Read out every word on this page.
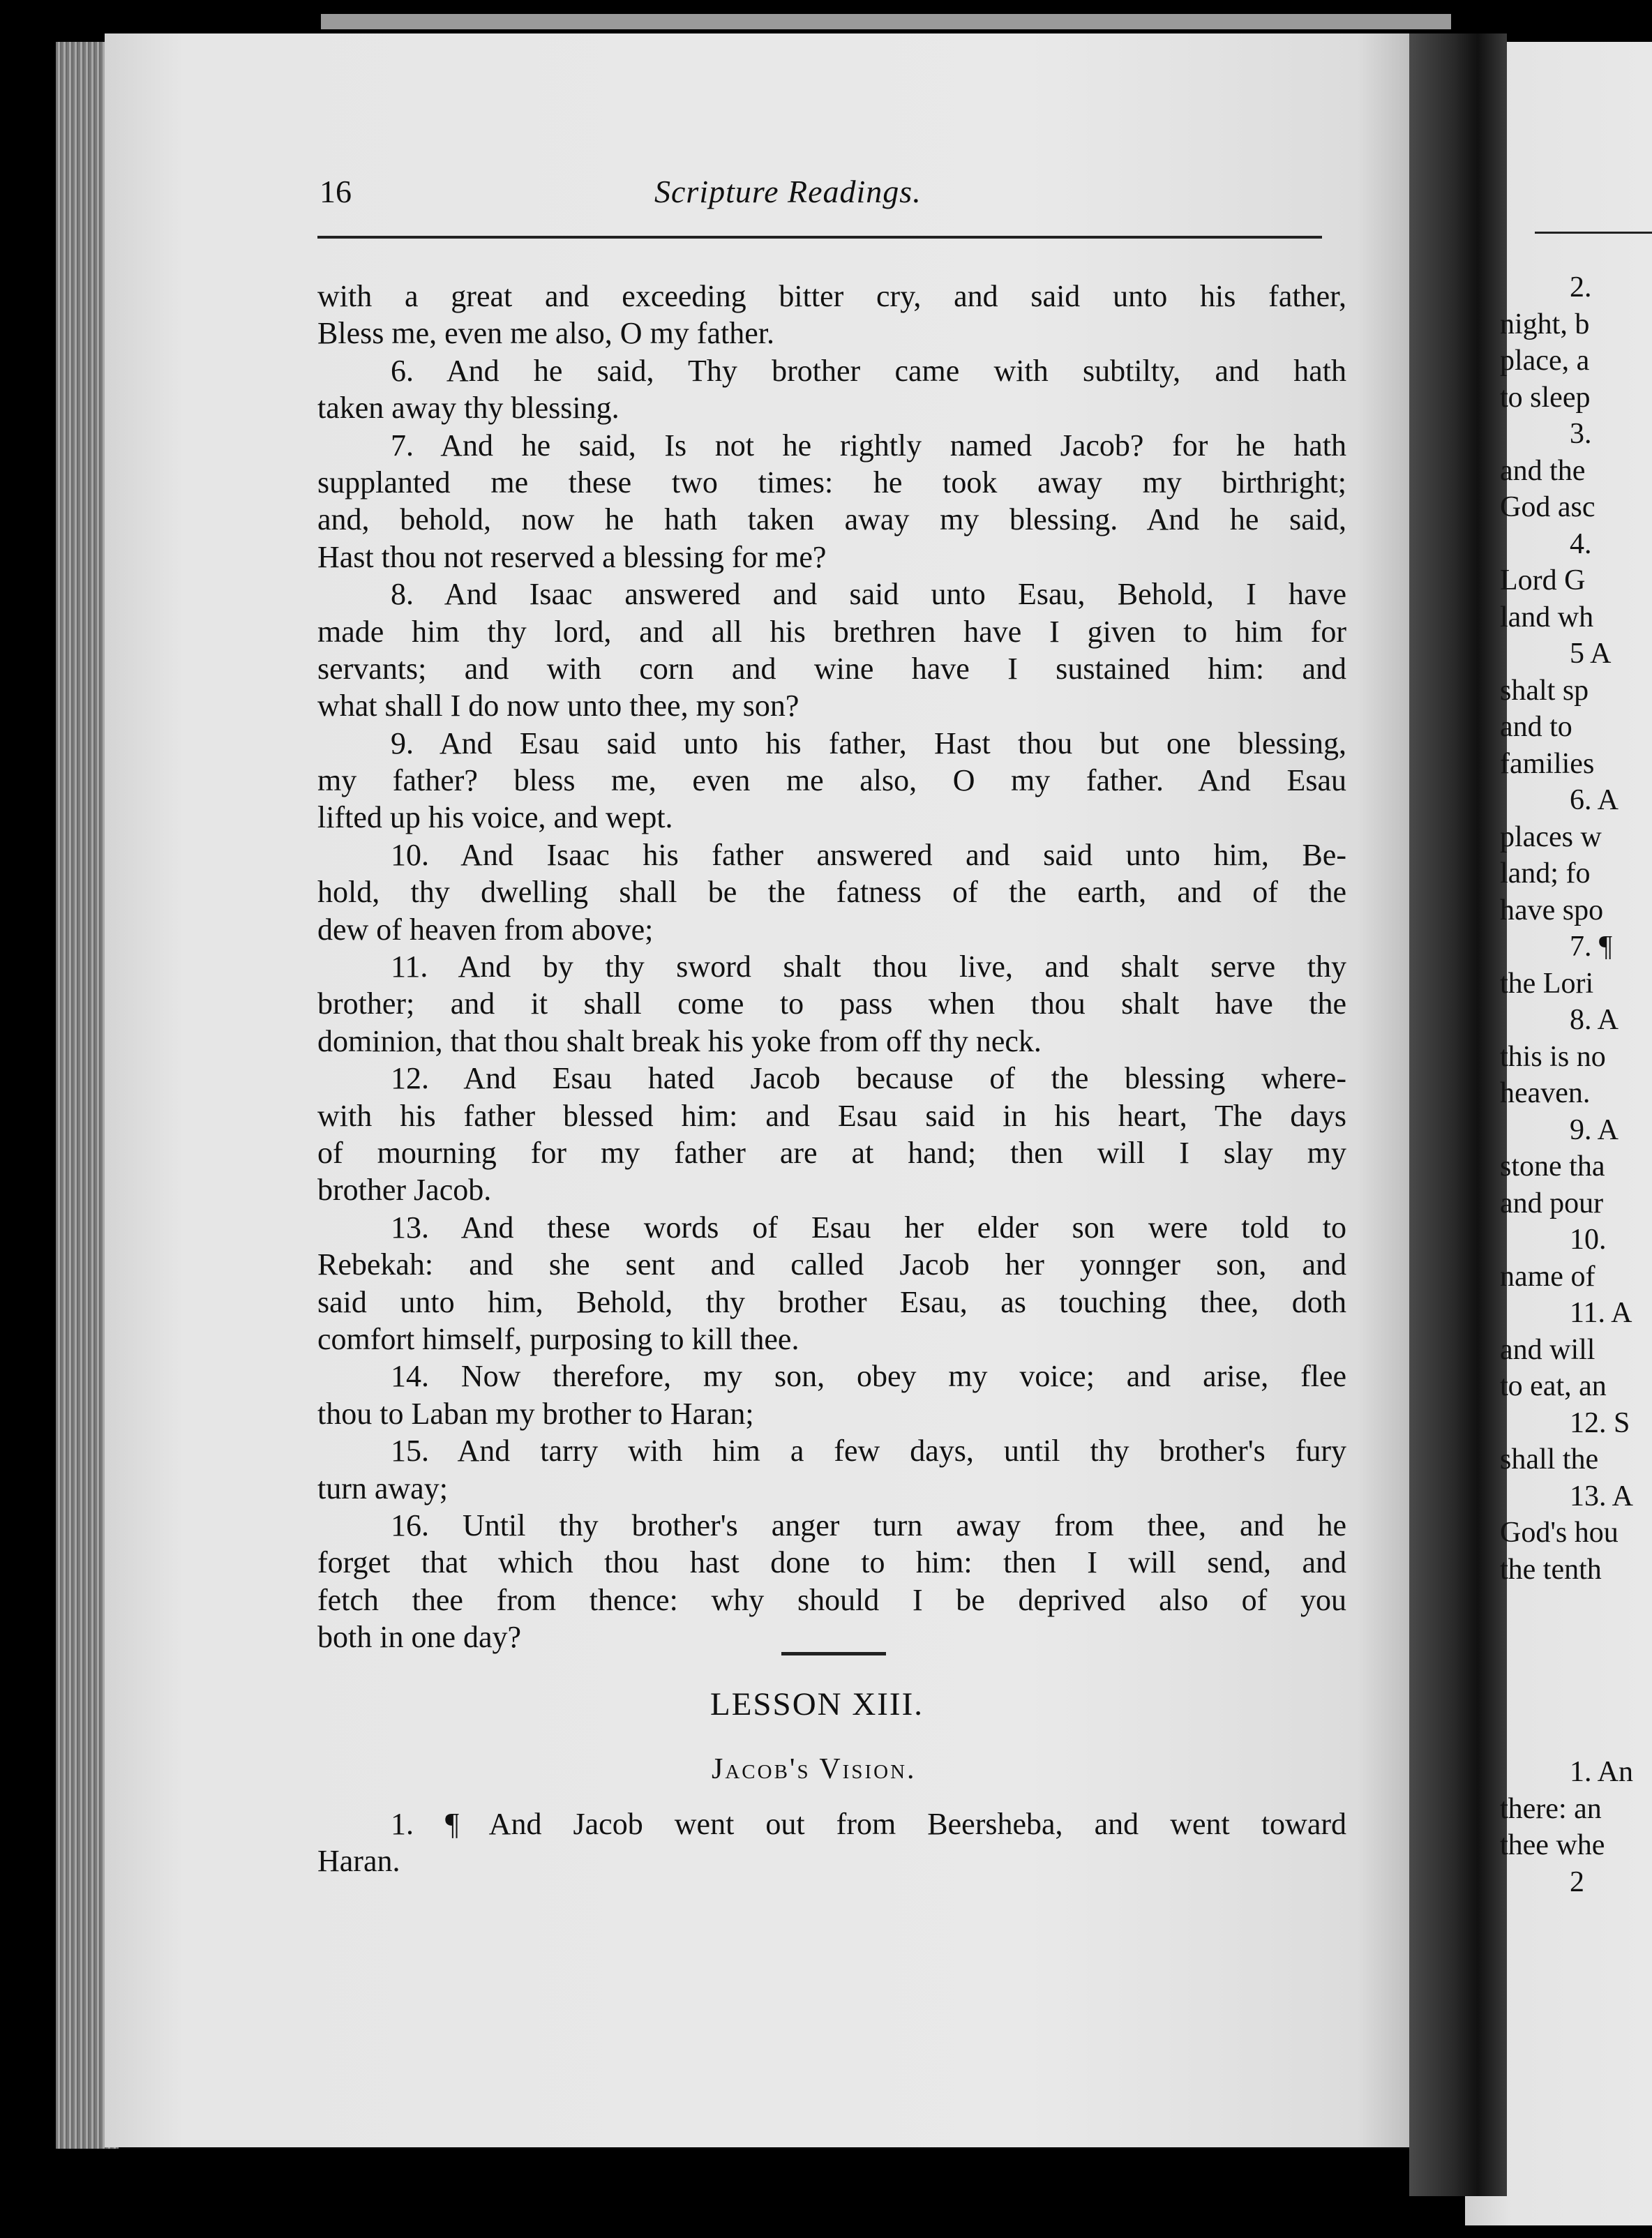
16	Scripture Readings.
with a great and exceeding bitter cry, and said unto his father,
Bless me, even me also, O my father.
6. And he said, Thy brother came with subtilty, and hath
taken away thy blessing.
7. And he said, Is not he rightly named Jacob? for he hath
supplanted me these two times: he took away my birthright;
and, behold, now he hath taken away my blessing. And he said,
Hast thou not reserved a blessing for me?
8. And Isaac answered and said unto Esau, Behold, I have
made him thy lord, and all his brethren have I given to him for
servants; and with corn and wine have I sustained him: and
what shall I do now unto thee, my son?
9. And Esau said unto his father, Hast thou but one blessing,
my father? bless me, even me also, O my father. And Esau
lifted up his voice, and wept.
10. And Isaac his father answered and said unto him, Be-
hold, thy dwelling shall be the fatness of the earth, and of the
dew of heaven from above;
11. And by thy sword shalt thou live, and shalt serve thy
brother; and it shall come to pass when thou shalt have the
dominion, that thou shalt break his yoke from off thy neck.
12. And Esau hated Jacob because of the blessing where-
with his father blessed him: and Esau said in his heart, The days
of mourning for my father are at hand; then will I slay my
brother Jacob.
13. And these words of Esau her elder son were told to
Rebekah: and she sent and called Jacob her yonnger son, and
said unto him, Behold, thy brother Esau, as touching thee, doth
comfort himself, purposing to kill thee.
14. Now therefore, my son, obey my voice; and arise, flee
thou to Laban my brother to Haran;
15. And tarry with him a few days, until thy brother's fury
turn away;
16. Until thy brother's anger turn away from thee, and he
forget that which thou hast done to him: then I will send, and
fetch thee from thence: why should I be deprived also of you
both in one day?
LESSON XIII.
Jacob's Vision.
1. ¶ And Jacob went out from Beersheba, and went toward
Haran.
2.
night, b
place, a
to sleep
3.
and the
God asc
4.
Lord G
land wh
5 A
shalt sp
and to
families
6. A
places w
land; fo
have spo
7. ¶
the Lori
8. A
this is no
heaven.
9. A
stone tha
and pour
10.
name of
11. A
and will
to eat, an
12. S
shall the
13. A
God's hou
the tenth
1. An
there: an
thee whe
2
